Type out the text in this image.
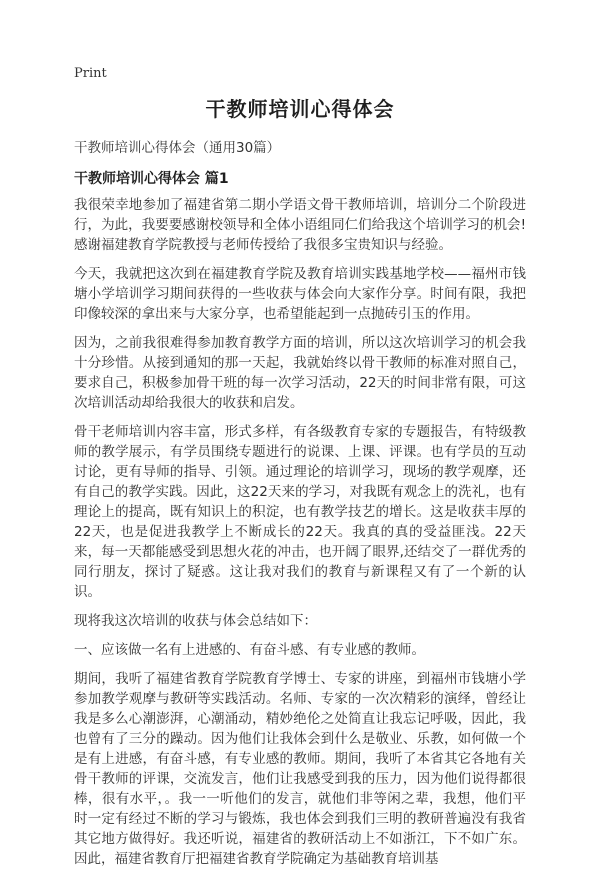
Print
干教师培训心得体会
干教师培训心得体会（通用30篇）
干教师培训心得体会 篇1

我很荣幸地参加了福建省第二期小学语文骨干教师培训，培训分二个阶段进行，为此，我要要感谢校领导和全体小语组同仁们给我这个培训学习的机会!感谢福建教育学院教授与老师传授给了我很多宝贵知识与经验。

今天，我就把这次到在福建教育学院及教育培训实践基地学校——福州市钱塘小学培训学习期间获得的一些收获与体会向大家作分享。时间有限，我把印像较深的拿出来与大家分享，也希望能起到一点抛砖引玉的作用。

因为，之前我很难得参加教育教学方面的培训，所以这次培训学习的机会我十分珍惜。从接到通知的那一天起，我就始终以骨干教师的标准对照自己，要求自己，积极参加骨干班的每一次学习活动，22天的时间非常有限，可这次培训活动却给我很大的收获和启发。

骨干老师培训内容丰富，形式多样，有各级教育专家的专题报告，有特级教师的教学展示，有学员围绕专题进行的说课、上课、评课。也有学员的互动讨论，更有导师的指导、引领。通过理论的培训学习，现场的教学观摩，还有自己的教学实践。因此，这22天来的学习，对我既有观念上的洗礼，也有理论上的提高，既有知识上的积淀，也有教学技艺的增长。这是收获丰厚的22天，也是促进我教学上不断成长的22天。我真的真的受益匪浅。22天来，每一天都能感受到思想火花的冲击，也开阔了眼界,还结交了一群优秀的同行朋友，探讨了疑惑。这让我对我们的教育与新课程又有了一个新的认识。

现将我这次培训的收获与体会总结如下：

一、应该做一名有上进感的、有奋斗感、有专业感的教师。

期间，我听了福建省教育学院教育学博士、专家的讲座，到福州市钱塘小学参加教学观摩与教研等实践活动。名师、专家的一次次精彩的演绎，曾经让我是多么心潮澎湃，心潮涌动，精妙绝伦之处简直让我忘记呼吸，因此，我也曾有了三分的躁动。因为他们让我体会到什么是敬业、乐教，如何做一个是有上进感，有奋斗感，有专业感的教师。期间，我听了本省其它各地有关骨干教师的评课，交流发言，他们让我感受到我的压力，因为他们说得都很棒，很有水平，。我一一听他们的发言，就他们非等闲之辈，我想，他们平时一定有经过不断的学习与锻炼，我也体会到我们三明的教研普遍没有我省其它地方做得好。我还听说，福建省的教研活动上不如浙江，下不如广东。因此，福建省教育厅把福建省教育学院确定为基础教育培训基
